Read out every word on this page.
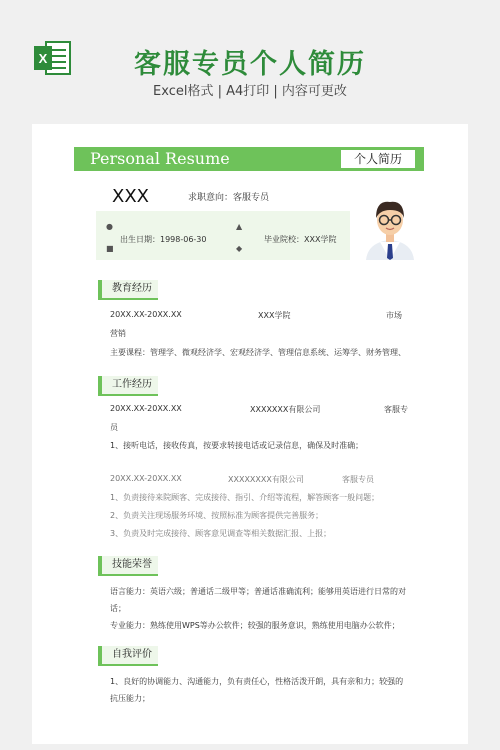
X	客服专员个人简历
Excel格式 | A4打印 | 内容可更改
Personal Resume	个人简历
XXX	求职意向：客服专员
●
出生日期：1998-06-30
■
▲
毕业院校：XXX学院
◆
教育经历
20XX.XX-20XX.XX	XXX学院	市场
营销
主要课程：管理学、微观经济学、宏观经济学、管理信息系统、运筹学、财务管理、
工作经历
20XX.XX-20XX.XX	XXXXXXX有限公司	客服专
员
1、接听电话，接收传真，按要求转接电话或记录信息，确保及时准确；
20XX.XX-20XX.XX	XXXXXXXX有限公司	客服专员
1、负责接待来院顾客、完成接待、指引、介绍等流程，解答顾客一般问题；
2、负责关注现场服务环境、按照标准为顾客提供完善服务；
3、负责及时完成接待、顾客意见调查等相关数据汇报、上报；
技能荣誉
语言能力：英语六级；普通话二级甲等；普通话准确流利；能够用英语进行日常的对
话；
专业能力：熟练使用WPS等办公软件；较强的服务意识，熟练使用电脑办公软件；
自我评价
1、良好的协调能力、沟通能力，负有责任心，性格活泼开朗，具有亲和力；较强的
抗压能力；
